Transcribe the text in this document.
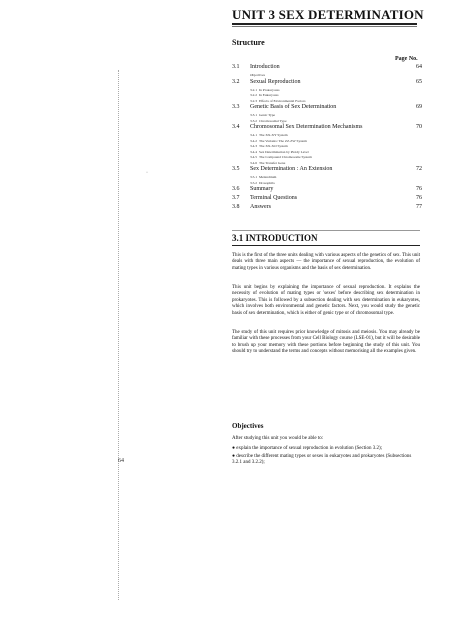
·
64
UNIT 3 SEX DETERMINATION
Structure
Page No.
3.1 Introduction	64
Objectives
3.2 Sexual Reproduction	65
3.2.1 In Prokaryotes
3.2.2 In Eukaryotes
3.2.3 Effects of Environmental Factors
3.3 Genetic Basis of Sex Determination	69
3.3.1 Genic Type
3.3.2 Chromosomal Type
3.4 Chromosomal Sex Determination Mechanisms	70
3.4.1 The XX-XY System
3.4.2 The Variants: The ZZ-ZW System
3.4.3 The XX-XO System
3.4.4 Sex Determination by Ploidy Level
3.4.5 The Compound Chromosome System
3.4.6 The Transfer Gene
3.5 Sex Determination : An Extension	72
3.5.1 Melandrium
3.5.2 Drosophila
3.6 Summary	76
3.7 Terminal Questions	76
3.8 Answers	77
3.1 INTRODUCTION
This is the first of the three units dealing with various aspects of the genetics of sex. This unit deals with three main aspects — the importance of sexual reproduction, the evolution of mating types in various organisms and the basis of sex determination.
This unit begins by explaining the importance of sexual reproduction. It explains the necessity of evolution of mating types or 'sexes' before describing sex determination in prokaryotes. This is followed by a subsection dealing with sex determination in eukaryotes, which involves both environmental and genetic factors. Next, you would study the genetic basis of sex determination, which is either of genic type or of chromosomal type.
The study of this unit requires prior knowledge of mitosis and meiosis. You may already be familiar with these processes from your Cell Biology course (LSE-01), but it will be desirable to brush up your memory with these portions before beginning the study of this unit. You should try to understand the terms and concepts without memorising all the examples given.
Objectives
After studying this unit you would be able to:
● explain the importance of sexual reproduction in evolution (Section 3.2);
● describe the different mating types or sexes in eukaryotes and prokaryotes (Subsections 3.2.1 and 3.2.2);
